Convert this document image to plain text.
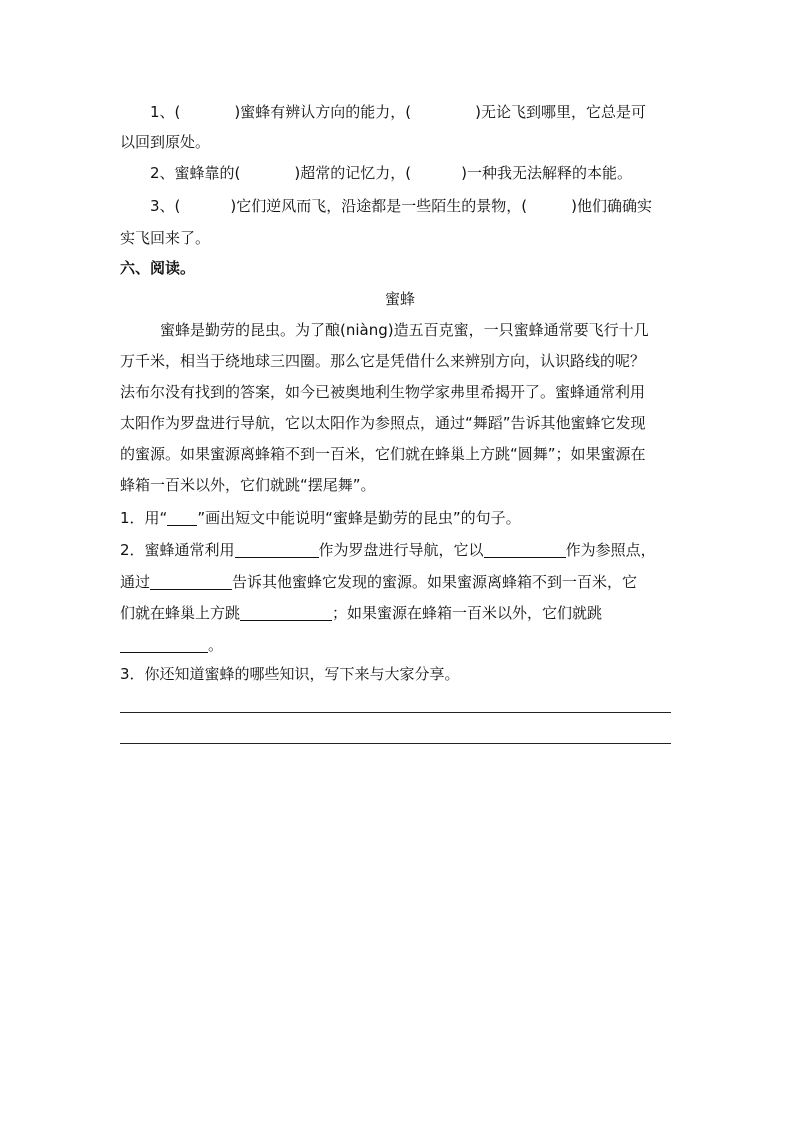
1、(	)蜜蜂有辨认方向的能力，(	)无论飞到哪里，它总是可
以回到原处。
2、蜜蜂靠的(	)超常的记忆力，(	)一种我无法解释的本能。
3、(	)它们逆风而飞，沿途都是一些陌生的景物，(	)他们确确实
实飞回来了。
六、阅读。
蜜蜂
蜜蜂是勤劳的昆虫。为了酿(niàng)造五百克蜜，一只蜜蜂通常要飞行十几
万千米，相当于绕地球三四圈。那么它是凭借什么来辨别方向，认识路线的呢？
法布尔没有找到的答案，如今已被奥地利生物学家弗里希揭开了。蜜蜂通常利用
太阳作为罗盘进行导航，它以太阳作为参照点，通过“舞蹈”告诉其他蜜蜂它发现
的蜜源。如果蜜源离蜂箱不到一百米，它们就在蜂巢上方跳“圆舞”；如果蜜源在
蜂箱一百米以外，它们就跳“摆尾舞”。
1．用“ ”画出短文中能说明“蜜蜂是勤劳的昆虫”的句子。
2．蜜蜂通常利用	作为罗盘进行导航，它以	作为参照点，
通过	告诉其他蜜蜂它发现的蜜源。如果蜜源离蜂箱不到一百米，它
们就在蜂巢上方跳	；如果蜜源在蜂箱一百米以外，它们就跳
。
3．你还知道蜜蜂的哪些知识，写下来与大家分享。
